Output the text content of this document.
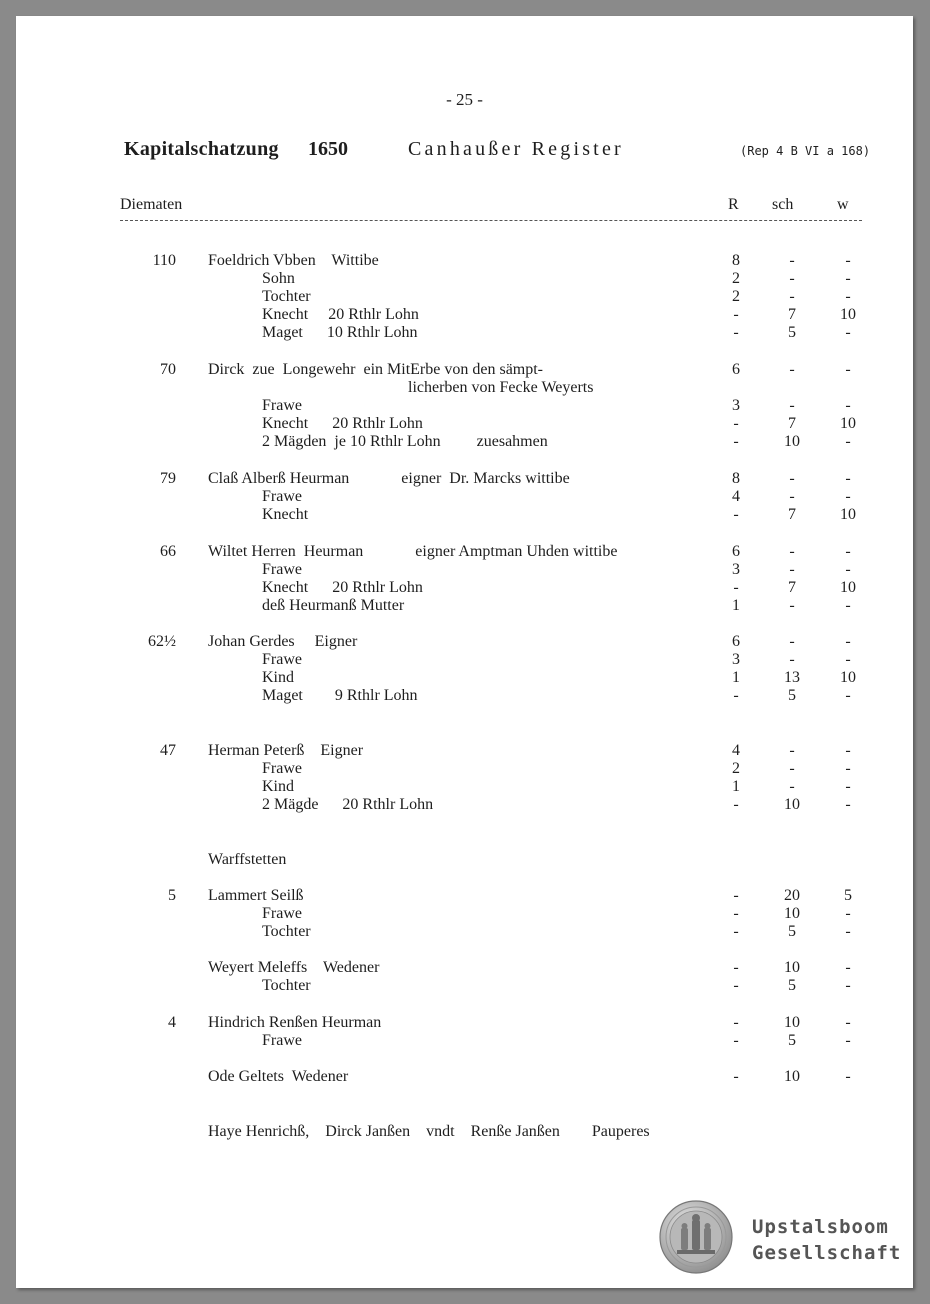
- 25 -
Kapitalschatzung 1650	Canhaußer Register	(Rep 4 B VI a 168)
Diematen	R sch	w
110 Foeldrich Vbben    Wittibe	8	-	-
Sohn	2	-	-
Tochter	2	-	-
Knecht     20 Rthlr Lohn	-	7	10
Maget      10 Rthlr Lohn	-	5	-
70 Dirck  zue  Longewehr  ein MitErbe von den sämpt-	6	-	-
licherben von Fecke Weyerts
Frawe	3	-	-
Knecht      20 Rthlr Lohn	-	7	10
2 Mägden  je 10 Rthlr Lohn         zuesahmen	-	10	-
79 Claß Alberß Heurman             eigner  Dr. Marcks wittibe	8	-	-
Frawe	4	-	-
Knecht	-	7	10
66 Wiltet Herren  Heurman             eigner Amptman Uhden wittibe	6	-	-
Frawe	3	-	-
Knecht      20 Rthlr Lohn	-	7	10
deß Heurmanß Mutter	1	-	-
62½ Johan Gerdes     Eigner	6	-	-
Frawe	3	-	-
Kind	1	13	10
Maget        9 Rthlr Lohn	-	5	-
47 Herman Peterß    Eigner	4	-	-
Frawe	2	-	-
Kind	1	-	-
2 Mägde      20 Rthlr Lohn	-	10	-
Warffstetten
5 Lammert Seilß	-	20	5
Frawe	-	10	-
Tochter	-	5	-
Weyert Meleffs    Wedener	-	10	-
Tochter	-	5	-
4 Hindrich Renßen Heurman	-	10	-
Frawe	-	5	-
Ode Geltets  Wedener	-	10	-
Haye Henrichß,    Dirck Janßen    vndt    Renße Janßen        Pauperes
Upstalsboom
Gesellschaft
